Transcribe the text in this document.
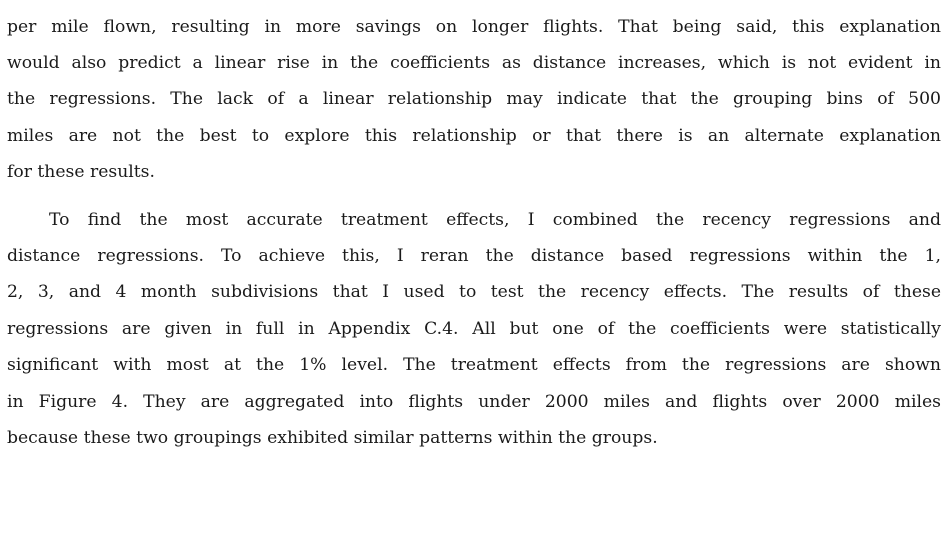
per mile flown, resulting in more savings on longer flights. That being said, this explanation
would also predict a linear rise in the coefficients as distance increases, which is not evident in
the regressions. The lack of a linear relationship may indicate that the grouping bins of 500
miles are not the best to explore this relationship or that there is an alternate explanation
for these results.
To find the most accurate treatment effects, I combined the recency regressions and
distance regressions. To achieve this, I reran the distance based regressions within the 1,
2, 3, and 4 month subdivisions that I used to test the recency effects. The results of these
regressions are given in full in Appendix C.4. All but one of the coefficients were statistically
significant with most at the 1% level. The treatment effects from the regressions are shown
in Figure 4. They are aggregated into flights under 2000 miles and flights over 2000 miles
because these two groupings exhibited similar patterns within the groups.
